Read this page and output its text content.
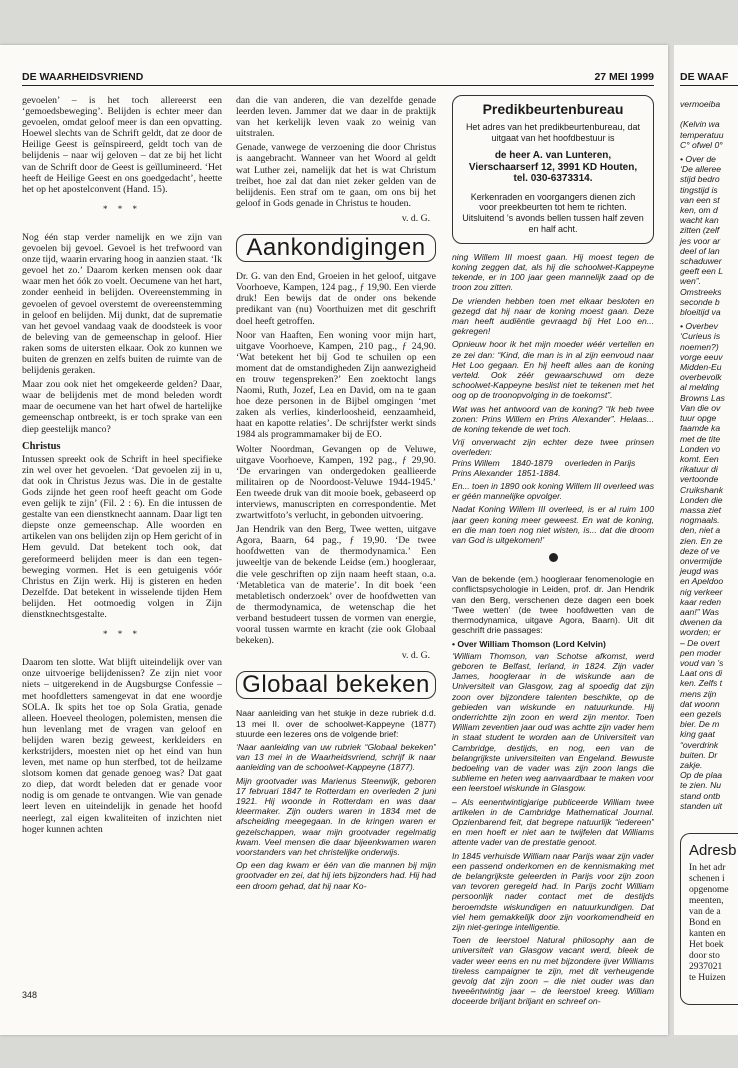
DE WAARHEIDSVRIEND	27 MEI 1999

gevoelen’ – is het toch allereerst een ‘gemoedsbeweging’. Belijden is echter meer dan gevoelen, omdat geloof meer is dan een opvatting. Hoewel slechts van de Schrift geldt, dat ze door de Heilige Geest is geïnspireerd, geldt toch van de belijdenis – naar wij geloven – dat ze bij het licht van de Schrift door de Geest is geïllumineerd. ‘Het heeft de Heilige Geest en ons goedgedacht’, heette het op het apostelconvent (Hand. 15).

* * *

Nog één stap verder namelijk en we zijn van gevoelen bij gevoel. Gevoel is het trefwoord van onze tijd, waarin ervaring hoog in aanzien staat. ‘Ik gevoel het zo.’ Daarom kerken mensen ook daar waar men het óók zo voelt. Oecumene van het hart, zonder eenheid in belijden. Overeenstemming in gevoelen of gevoel overstemt de overeenstemming in geloof en belijden. Mij dunkt, dat de suprematie van het gevoel vandaag vaak de doodsteek is voor de beleving van de gemeenschap in geloof. Hier raken soms de uitersten elkaar. Ook zo kunnen we buiten de grenzen en zelfs buiten de ruimte van de belijdenis geraken.

Maar zou ook niet het omgekeerde gelden? Daar, waar de belijdenis met de mond beleden wordt maar de oecumene van het hart ofwel de hartelijke gemeenschap ontbreekt, is er toch sprake van een diep geestelijk manco?

Christus

Intussen spreekt ook de Schrift in heel specifieke zin wel over het gevoelen. ‘Dat gevoelen zij in u, dat ook in Christus Jezus was. Die in de gestalte Gods zijnde het geen roof heeft geacht om Gode even gelijk te zijn’ (Fil. 2 : 6). En die intussen de gestalte van een dienstknecht aannam. Daar ligt ten diepste onze gemeenschap. Alle woorden en artikelen van ons belijden zijn op Hem gericht of in Hem gevuld. Dat betekent toch ook, dat gereformeerd belijden meer is dan een tegen-beweging vormen. Het is een getuigenis vóór Christus en Zijn werk. Hij is gisteren en heden Dezelfde. Dat betekent in wisselende tijden Hem belijden. Het ootmoedig volgen in Zijn dienstknechtsgestalte.

* * *

Daarom ten slotte. Wat blijft uiteindelijk over van onze uitvoerige belijdenissen? Ze zijn niet voor niets – uitgerekend in de Augsburgse Confessie – met hoofdletters samengevat in dat ene woordje SOLA. Ik spits het toe op Sola Gratia, genade alleen. Hoeveel theologen, polemisten, mensen die hun levenlang met de vragen van geloof en belijden waren bezig geweest, kerkleiders en kerkstrijders, moesten niet op het eind van hun leven, met name op hun sterfbed, tot de heilzame slotsom komen dat genade genoeg was? Dat gaat zo diep, dat wordt beleden dat er genade voor nodig is om genade te ontvangen. Wie van genade leert leven en uiteindelijk in genade het hoofd neerlegt, zal eigen kwaliteiten of inzichten niet hoger kunnen achten

dan die van anderen, die van dezelfde genade leerden leven. Jammer dat we daar in de praktijk van het kerkelijk leven vaak zo weinig van uitstralen.

Genade, vanwege de verzoening die door Christus is aangebracht. Wanneer van het Woord al geldt wat Luther zei, namelijk dat het is wat Christum treibet, hoe zal dat dan niet zeker gelden van de belijdenis. Een straf om te gaan, om ons bij het geloof in Gods genade in Christus te houden.

v. d. G.
Aankondigingen

Dr. G. van den End, Groeien in het geloof, uitgave Voorhoeve, Kampen, 124 pag., ƒ 19,90. Een vierde druk! Een bewijs dat de onder ons bekende predikant van (nu) Voorthuizen met dit geschrift doel heeft getroffen.

Noor van Haaften, Een woning voor mijn hart, uitgave Voorhoeve, Kampen, 210 pag., ƒ 24,90. ‘Wat betekent het bij God te schuilen op een moment dat de omstandigheden Zijn aanwezigheid en trouw tegenspreken?’ Een zoektocht langs Naomi, Ruth, Jozef, Lea en David, om na te gaan hoe deze personen in de Bijbel omgingen ‘met zaken als verlies, kinderloosheid, eenzaamheid, haat en kapotte relaties’. De schrijfster werkt sinds 1984 als programmamaker bij de EO.

Wolter Noordman, Gevangen op de Veluwe, uitgave Voorhoeve, Kampen, 192 pag., ƒ 29,90. ‘De ervaringen van ondergedoken geallieerde militairen op de Noordoost-Veluwe 1944-1945.’ Een tweede druk van dit mooie boek, gebaseerd op interviews, manuscripten en correspondentie. Met zwartwitfoto’s verlucht, in gebonden uitvoering.

Jan Hendrik van den Berg, Twee wetten, uitgave Agora, Baarn, 64 pag., ƒ 19,90. ‘De twee hoofdwetten van de thermodynamica.’ Een juweeltje van de bekende Leidse (em.) hoogleraar, die vele geschriften op zijn naam heeft staan, o.a. ‘Metabletica van de materie’. In dit boek ‘een metabletisch onderzoek’ over de hoofdwetten van de thermodynamica, de wetenschap die het verband bestudeert tussen de vormen van energie, vooral tussen warmte en kracht (zie ook Globaal bekeken).

v. d. G.
Globaal bekeken

Naar aanleiding van het stukje in deze rubriek d.d. 13 mei II. over de schoolwet-Kappeyne (1877) stuurde een lezeres ons de volgende brief:

‘Naar aanleiding van uw rubriek “Globaal bekeken” van 13 mei in de Waarheidsvriend, schrijf ik naar aanleiding van de schoolwet-Kappeyne (1877).

Mijn grootvader was Marienus Steenwijk, geboren 17 februari 1847 te Rotterdam en overleden 2 juni 1921. Hij woonde in Rotterdam en was daar kleermaker. Zijn ouders waren in 1834 met de afscheiding meegegaan. In de kringen waren er gezelschappen, waar mijn grootvader regelmatig kwam. Veel mensen die daar bijeenkwamen waren voorstanders van het christelijke onderwijs.

Op een dag kwam er één van die mannen bij mijn grootvader en zei, dat hij iets bijzonders had. Hij had een droom gehad, dat hij naar Ko-

Predikbeurtenbureau
Het adres van het predikbeurtenbureau, dat uitgaat van het hoofdbestuur is
de heer A. van Lunteren,
Vierschaarserf 12, 3991 KD Houten,
tel. 030-6373314.
Kerkenraden en voorgangers dienen zich voor preekbeurten tot hem te richten. Uitsluitend ’s avonds bellen tussen half zeven en half acht.

ning Willem III moest gaan. Hij moest tegen de koning zeggen dat, als hij die schoolwet-Kappeyne tekende, er in 100 jaar geen mannelijk zaad op de troon zou zitten.

De vrienden hebben toen met elkaar besloten en gezegd dat hij naar de koning moest gaan. Deze man heeft audiëntie gevraagd bij Het Loo en... gekregen!

Opnieuw hoor ik het mijn moeder wéér vertellen en ze zei dan: “Kind, die man is in al zijn eenvoud naar Het Loo gegaan. En hij heeft alles aan de koning verteld. Ook zéér gewaarschuwd om deze schoolwet-Kappeyne beslist niet te tekenen met het oog op de troonopvolging in de toekomst”.

Wat was het antwoord van de koning? “Ik heb twee zonen: Prins Willem en Prins Alexander”. Helaas... de koning tekende de wet toch.

Vrij onverwacht zijn echter deze twee prinsen overleden:

Prins Willem     1840-1879     overleden in Parijs

Prins Alexander  1851-1884.

En... toen in 1890 ook koning Willem III overleed was er géén mannelijke opvolger.

Nadat Koning Willem III overleed, is er al ruim 100 jaar geen koning meer geweest. En wat de koning, en die man toen nog niet wisten, is... dat die droom van God is uitgekomen!’

Van de bekende (em.) hoogleraar fenomenologie en conflictspsychologie in Leiden, prof. dr. Jan Hendrik van den Berg, verschenen deze dagen een boek ‘Twee wetten’ (de twee hoofdwetten van de thermodynamica, uitgave Agora, Baarn). Uit dit geschrift drie passages:

• Over William Thomson (Lord Kelvin)

‘William Thomson, van Schotse afkomst, werd geboren te Belfast, Ierland, in 1824. Zijn vader James, hoogleraar in de wiskunde aan de Universiteit van Glasgow, zag al spoedig dat zijn zoon over bijzondere talenten beschikte, op de gebieden van wiskunde en natuurkunde. Hij onderrichtte zijn zoon en werd zijn mentor. Toen William zeventien jaar oud was achtte zijn vader hem in staat student te worden aan de Universiteit van Cambridge, destijds, en nog, een van de belangrijkste universiteiten van Engeland. Bewuste bedoeling van de vader was zijn zoon langs die sublieme en heten weg aanvaardbaar te maken voor een leerstoel wiskunde in Glasgow.

– Als eenentwintigjarige publiceerde William twee artikelen in de Cambridge Mathematical Journal. Opzienbarend feit, dat begrepe natuurlijk “iedereen” en men hoeft er niet aan te twijfelen dat Williams attente vader van de prestatie genoot.

In 1845 verhuisde William naar Parijs waar zijn vader een passend onderkomen en de kennismaking met de belangrijkste geleerden in Parijs voor zijn zoon van tevoren geregeld had. In Parijs zocht William persoonlijk nader contact met de destijds beroemdste wiskundigen en natuurkundigen. Dat viel hem gemakkelijk door zijn voorkomendheid en zijn niet-geringe intelligentie.

Toen de leerstoel Natural philosophy aan de universiteit van Glasgow vacant werd, bleek de vader weer eens en nu met bijzondere ijver Williams tireless campaigner te zijn, met dit verheugende gevolg dat zijn zoon – die niet ouder was dan tweeëntwintig jaar – de leerstoel kreeg. William doceerde briljant briljant en schreef on-

348
DE WAAF

vermoeiba

(Kelvin wa
temperatuu
C° ofwel 0°

• Over de
‘De alleree
stijd bedro
tingstijd is
van een st
ken, om d
wacht kan
zitten (zelf
jes voor ar
deel of lan
schaduwer
geeft een L
wen”.
Omstreeks
seconde b
bloeitijd va

• Overbev
‘Curieus is
noemen?)
vorge eeuv
Midden-Eu
overbevolk
al melding
Browns Las
Van die ov
tuur opge
faamde ka
met de tite
Londen vo
komt. Een
rikatuur di
vertoonde
Cruikshank
Londen die
massa ziet
nogmaals.
den, niet a
zien. En ze
deze of ve
onvermijde
jeugd was
en Apeldoo
nig verkeer
kaar reden
aan!” Was
dwenen da
worden; er
– De overt
pen moder
voud van ’s
Laat ons di
ken. Zelfs t
mens zijn
dat woonn
een gezels
bier. De m
king gaat
“overdrink
buiten. Dr
zakje.
Op de plaa
te zien. Nu
stand ontb
standen uit

Adresb
In het adr
schenen i
opgenome
meenten,
van de a
Bond en
kanten en
Het boek
door sto
2937021
te Huizen
